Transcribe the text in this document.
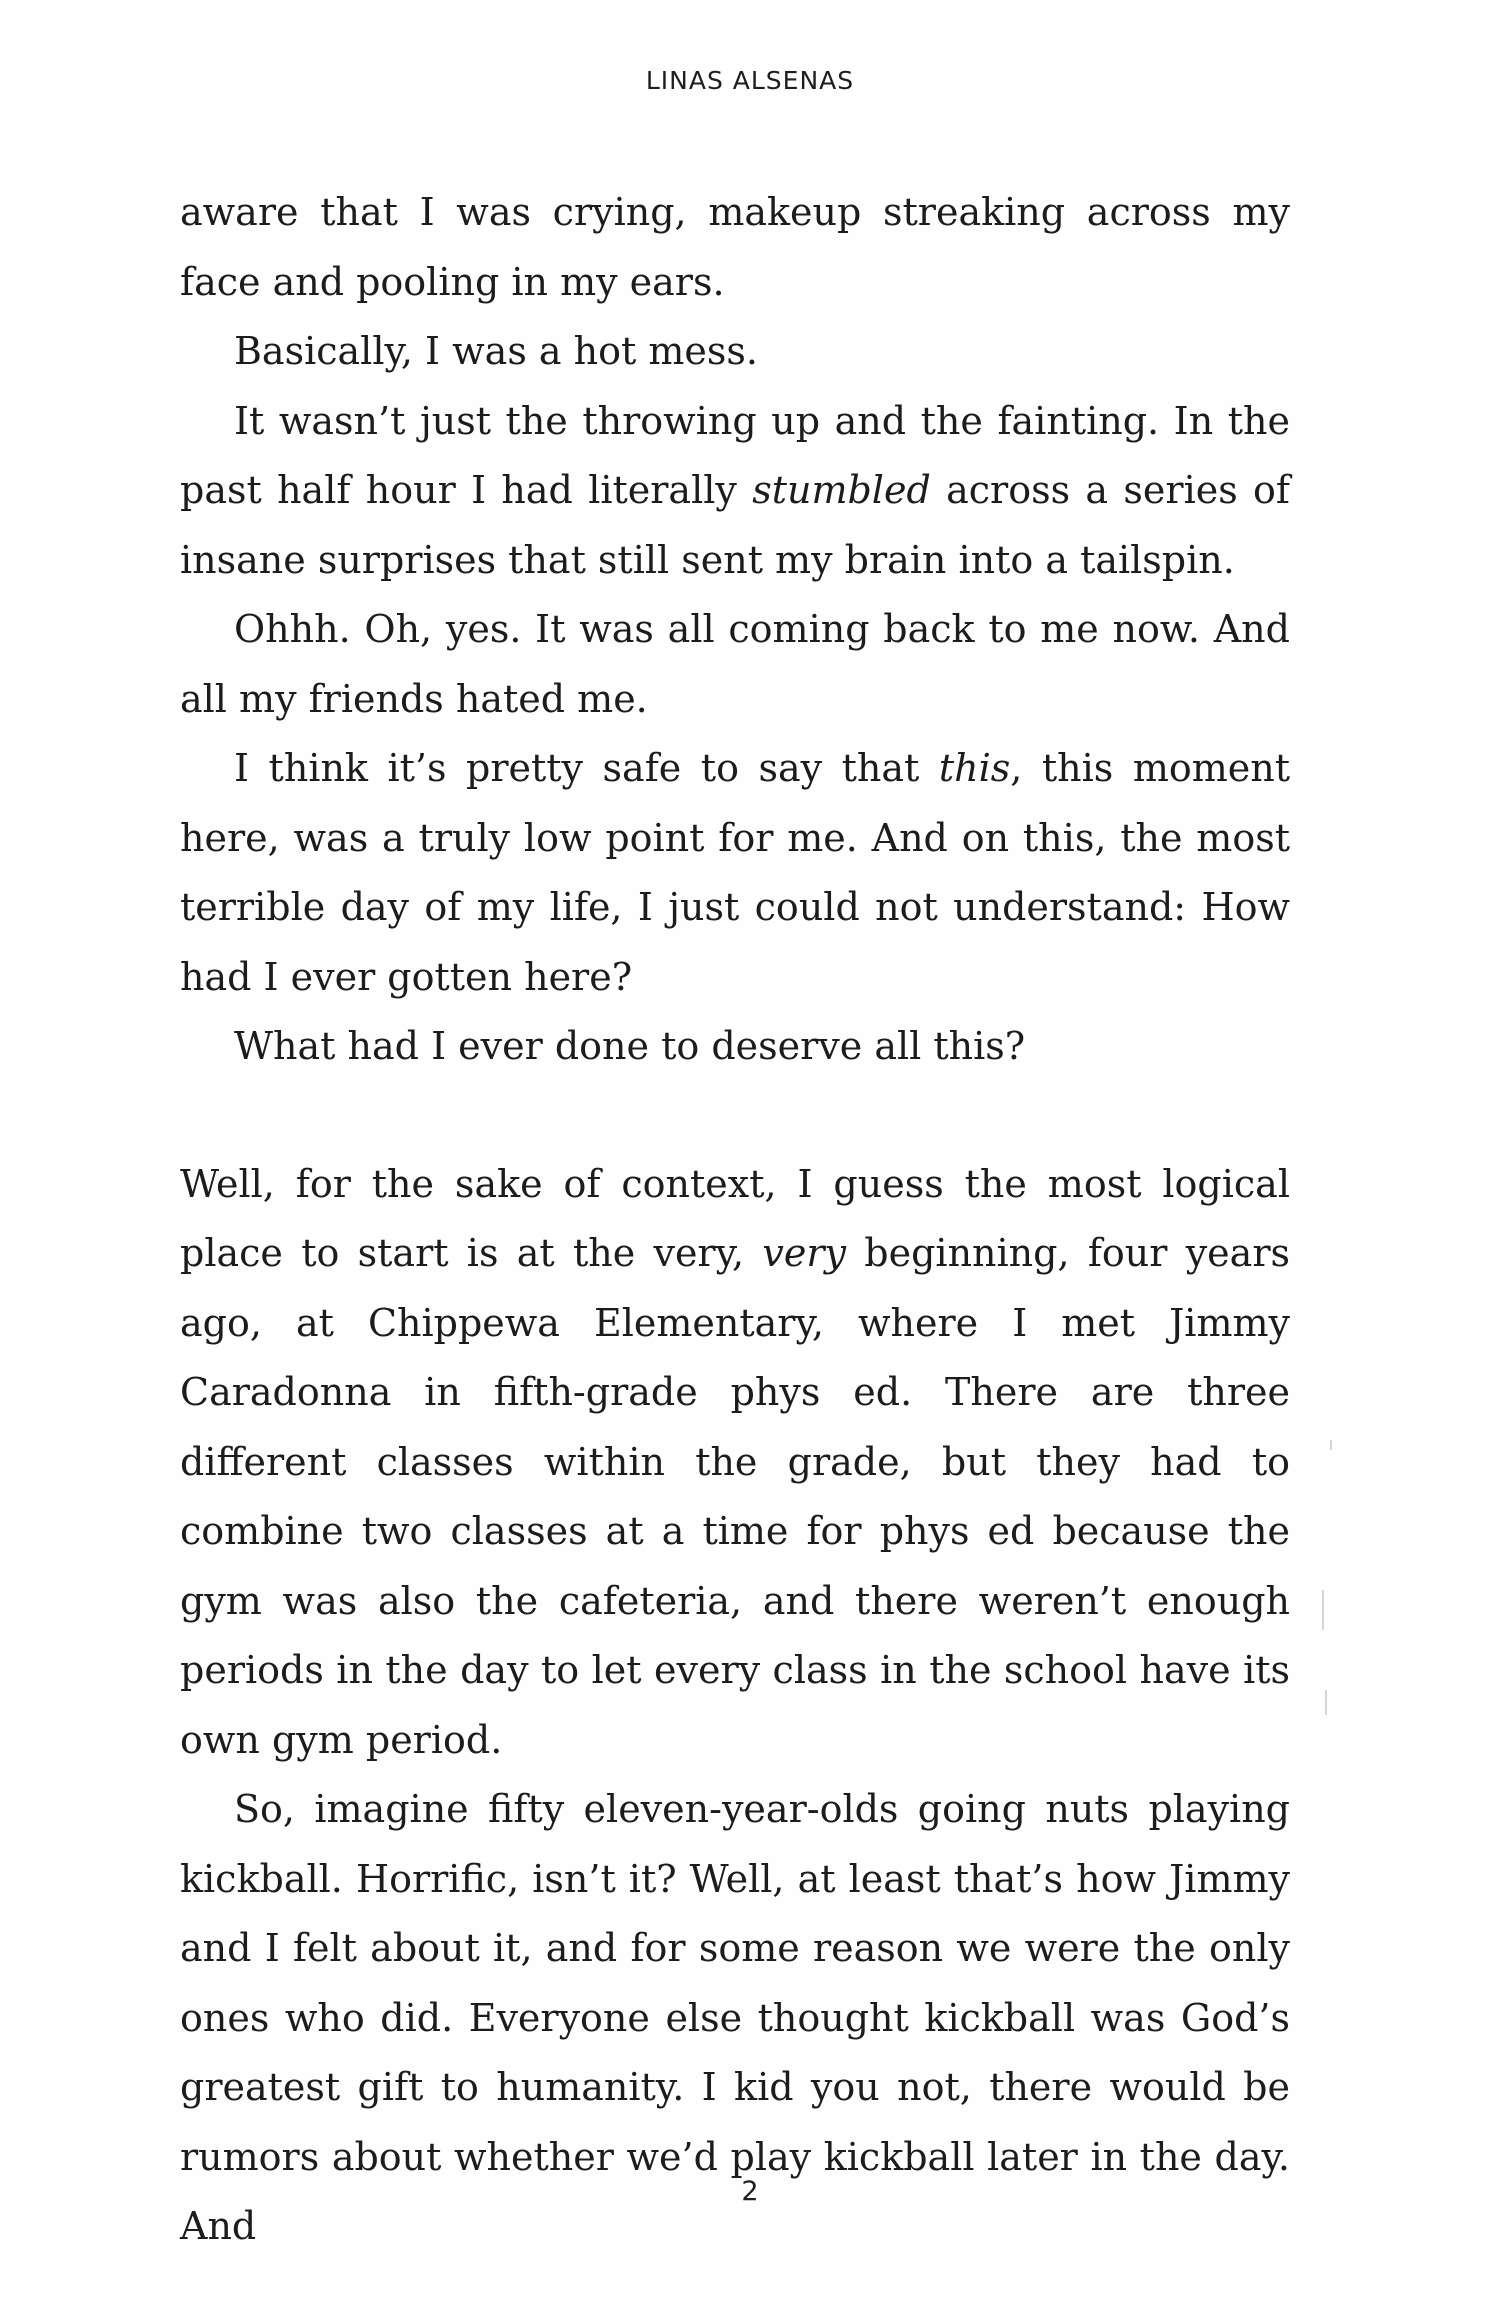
LINAS ALSENAS

aware that I was crying, makeup streaking across my face and pooling in my ears.

Basically, I was a hot mess.

It wasn’t just the throwing up and the fainting. In the past half hour I had literally stumbled across a series of insane surprises that still sent my brain into a tailspin.

Ohhh. Oh, yes. It was all coming back to me now. And all my friends hated me.

I think it’s pretty safe to say that this, this moment here, was a truly low point for me. And on this, the most terrible day of my life, I just could not understand: How had I ever gotten here?

What had I ever done to deserve all this?

Well, for the sake of context, I guess the most logical place to start is at the very, very beginning, four years ago, at Chippewa Elementary, where I met Jimmy Caradonna in fifth-grade phys ed. There are three different classes within the grade, but they had to combine two classes at a time for phys ed because the gym was also the cafeteria, and there weren’t enough periods in the day to let every class in the school have its own gym period.

So, imagine fifty eleven-year-olds going nuts playing kickball. Horrific, isn’t it? Well, at least that’s how Jimmy and I felt about it, and for some reason we were the only ones who did. Everyone else thought kickball was God’s greatest gift to humanity. I kid you not, there would be rumors about whether we’d play kickball later in the day. And

2
